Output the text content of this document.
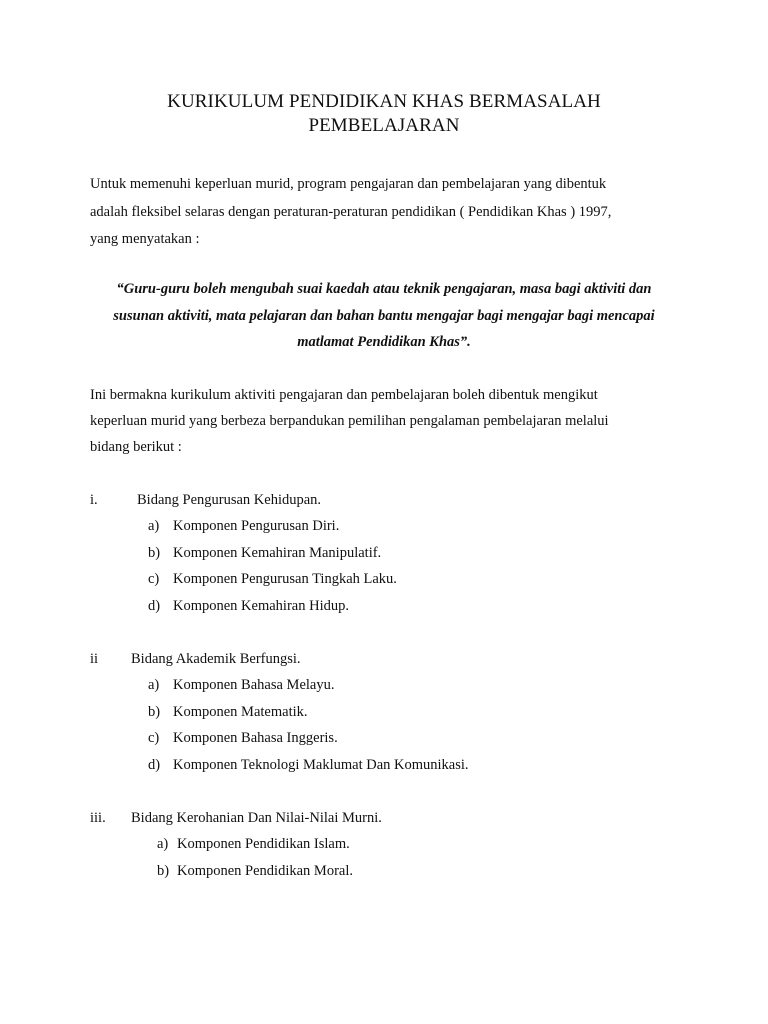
KURIKULUM PENDIDIKAN KHAS BERMASALAH
PEMBELAJARAN
Untuk memenuhi keperluan murid, program pengajaran dan pembelajaran yang dibentuk
adalah fleksibel selaras dengan peraturan-peraturan pendidikan ( Pendidikan Khas ) 1997,
yang menyatakan :
“Guru-guru boleh mengubah suai kaedah atau teknik pengajaran, masa bagi aktiviti dan
susunan aktiviti, mata pelajaran dan bahan bantu mengajar bagi mengajar bagi mencapai
matlamat Pendidikan Khas”.
Ini bermakna kurikulum aktiviti pengajaran dan pembelajaran boleh dibentuk mengikut
keperluan murid yang berbeza berpandukan pemilihan pengalaman pembelajaran melalui
bidang berikut :
i.	Bidang Pengurusan Kehidupan.
a) Komponen Pengurusan Diri.
b) Komponen Kemahiran Manipulatif.
c) Komponen Pengurusan Tingkah Laku.
d) Komponen Kemahiran Hidup.
ii Bidang Akademik Berfungsi.
a) Komponen Bahasa Melayu.
b) Komponen Matematik.
c) Komponen Bahasa Inggeris.
d) Komponen Teknologi Maklumat Dan Komunikasi.
iii. Bidang Kerohanian Dan Nilai-Nilai Murni.
a) Komponen Pendidikan Islam.
b) Komponen Pendidikan Moral.
